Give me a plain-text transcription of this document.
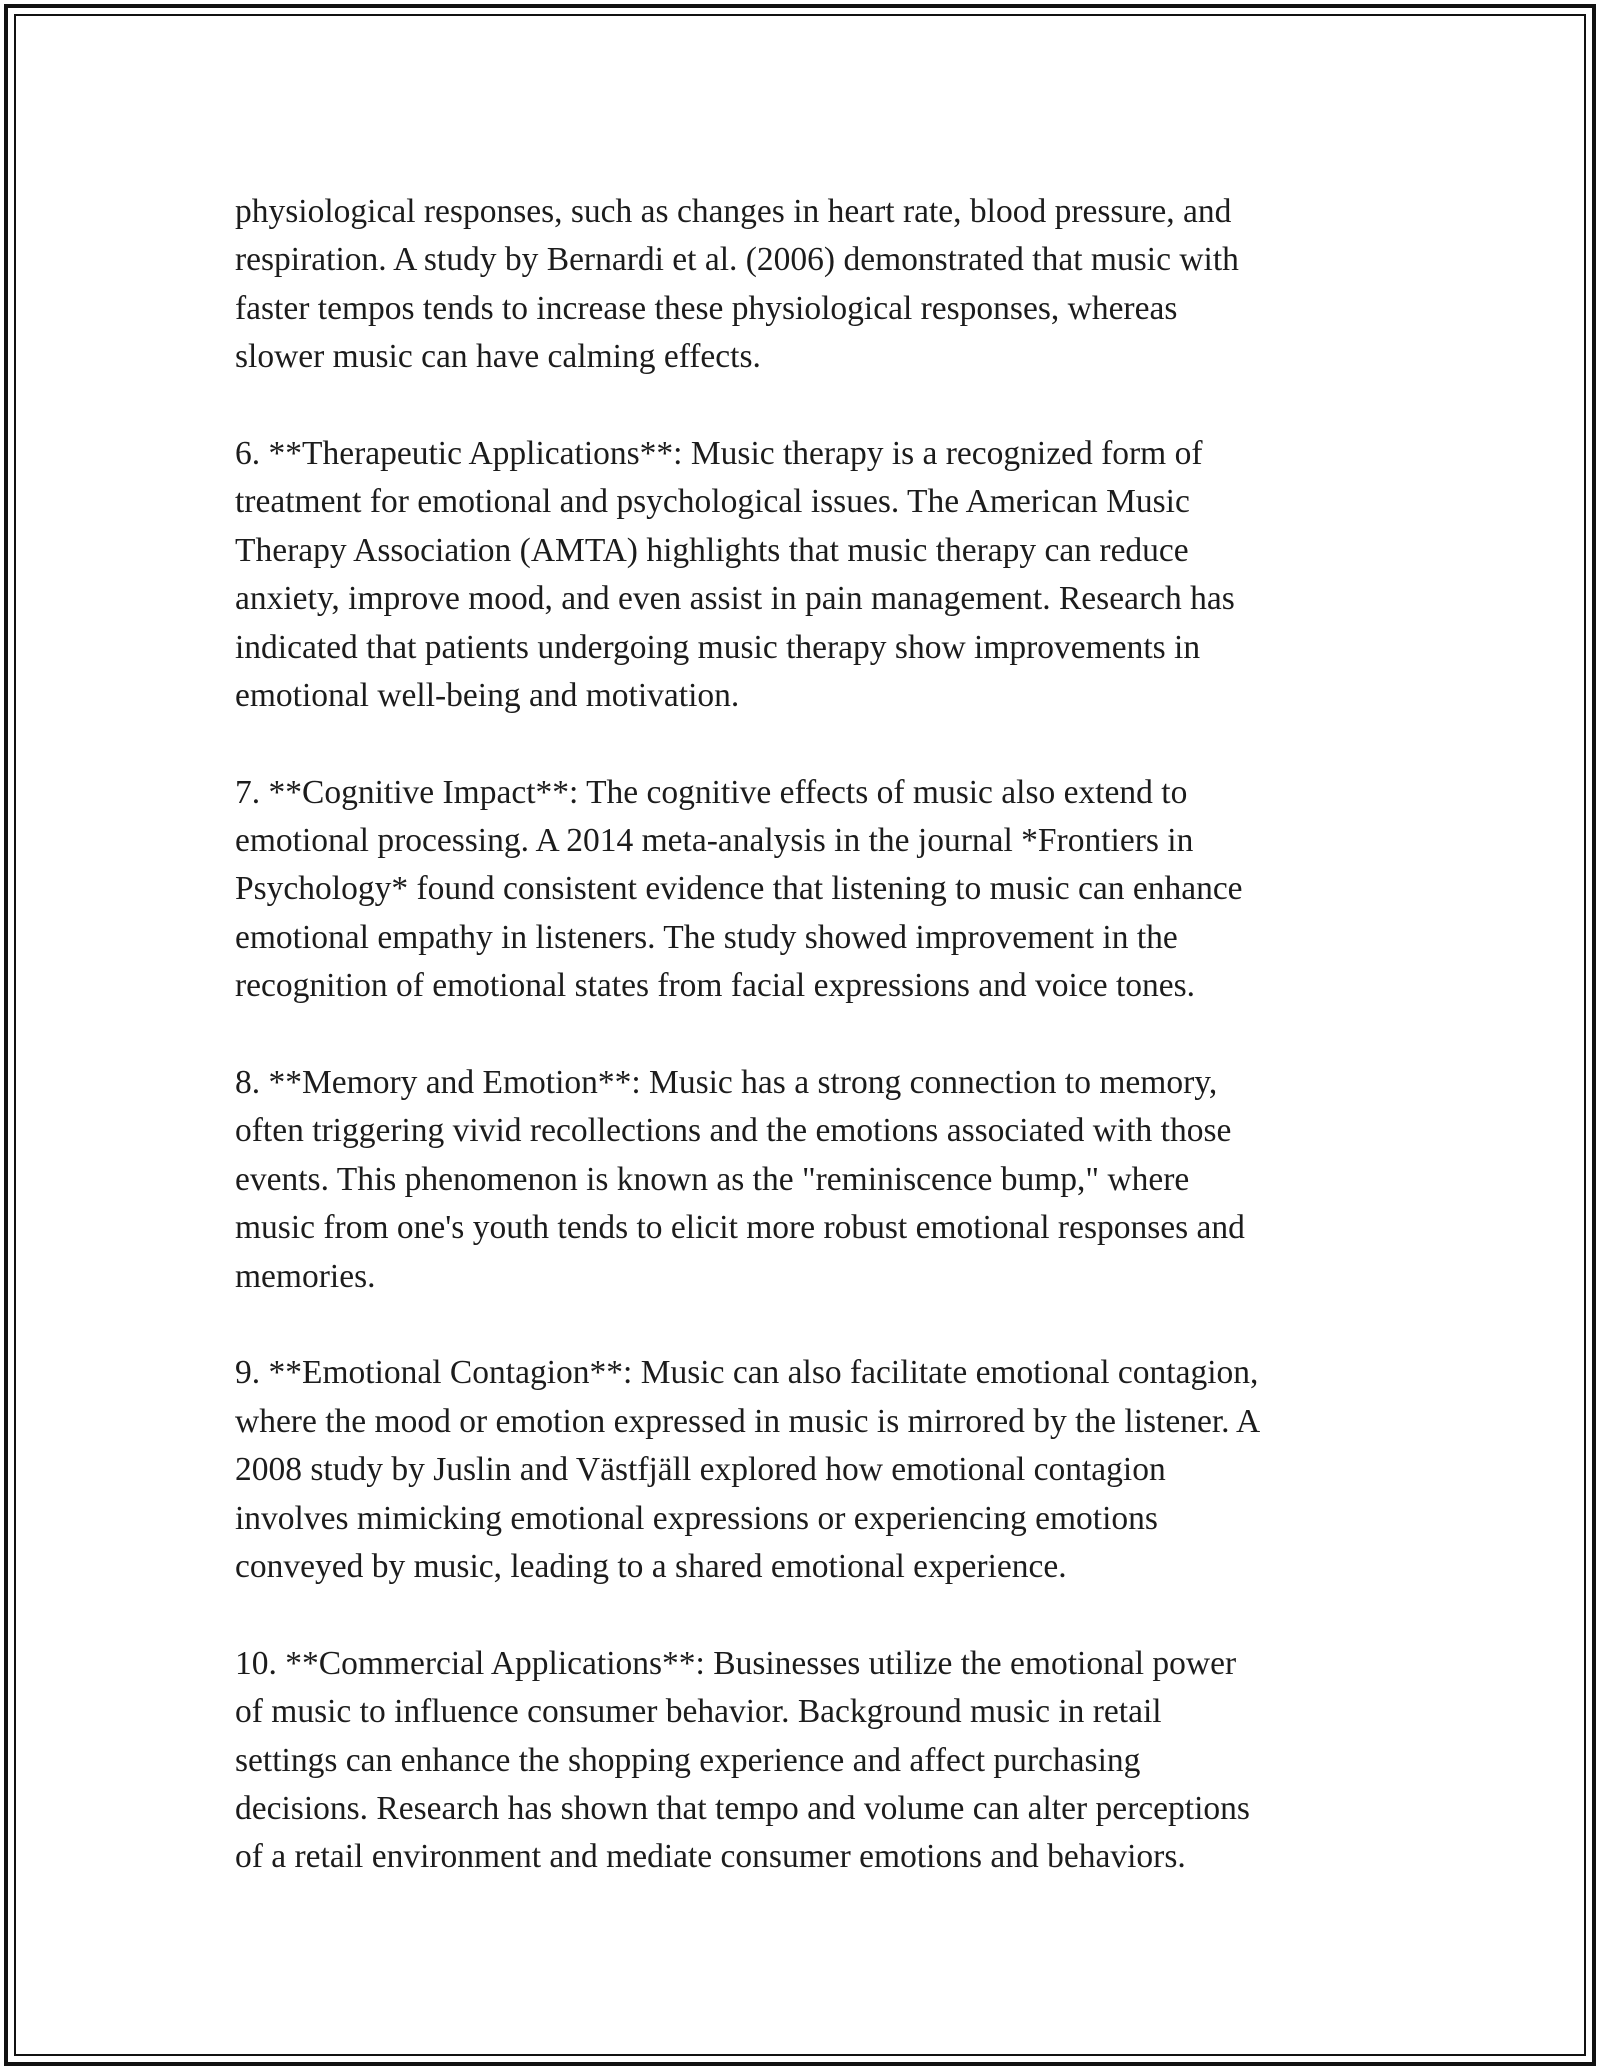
physiological responses, such as changes in heart rate, blood pressure, and
respiration. A study by Bernardi et al. (2006) demonstrated that music with
faster tempos tends to increase these physiological responses, whereas
slower music can have calming effects.

6. **Therapeutic Applications**: Music therapy is a recognized form of
treatment for emotional and psychological issues. The American Music
Therapy Association (AMTA) highlights that music therapy can reduce
anxiety, improve mood, and even assist in pain management. Research has
indicated that patients undergoing music therapy show improvements in
emotional well-being and motivation.

7. **Cognitive Impact**: The cognitive effects of music also extend to
emotional processing. A 2014 meta-analysis in the journal *Frontiers in
Psychology* found consistent evidence that listening to music can enhance
emotional empathy in listeners. The study showed improvement in the
recognition of emotional states from facial expressions and voice tones.

8. **Memory and Emotion**: Music has a strong connection to memory,
often triggering vivid recollections and the emotions associated with those
events. This phenomenon is known as the "reminiscence bump," where
music from one's youth tends to elicit more robust emotional responses and
memories.

9. **Emotional Contagion**: Music can also facilitate emotional contagion,
where the mood or emotion expressed in music is mirrored by the listener. A
2008 study by Juslin and Västfjäll explored how emotional contagion
involves mimicking emotional expressions or experiencing emotions
conveyed by music, leading to a shared emotional experience.

10. **Commercial Applications**: Businesses utilize the emotional power
of music to influence consumer behavior. Background music in retail
settings can enhance the shopping experience and affect purchasing
decisions. Research has shown that tempo and volume can alter perceptions
of a retail environment and mediate consumer emotions and behaviors.
